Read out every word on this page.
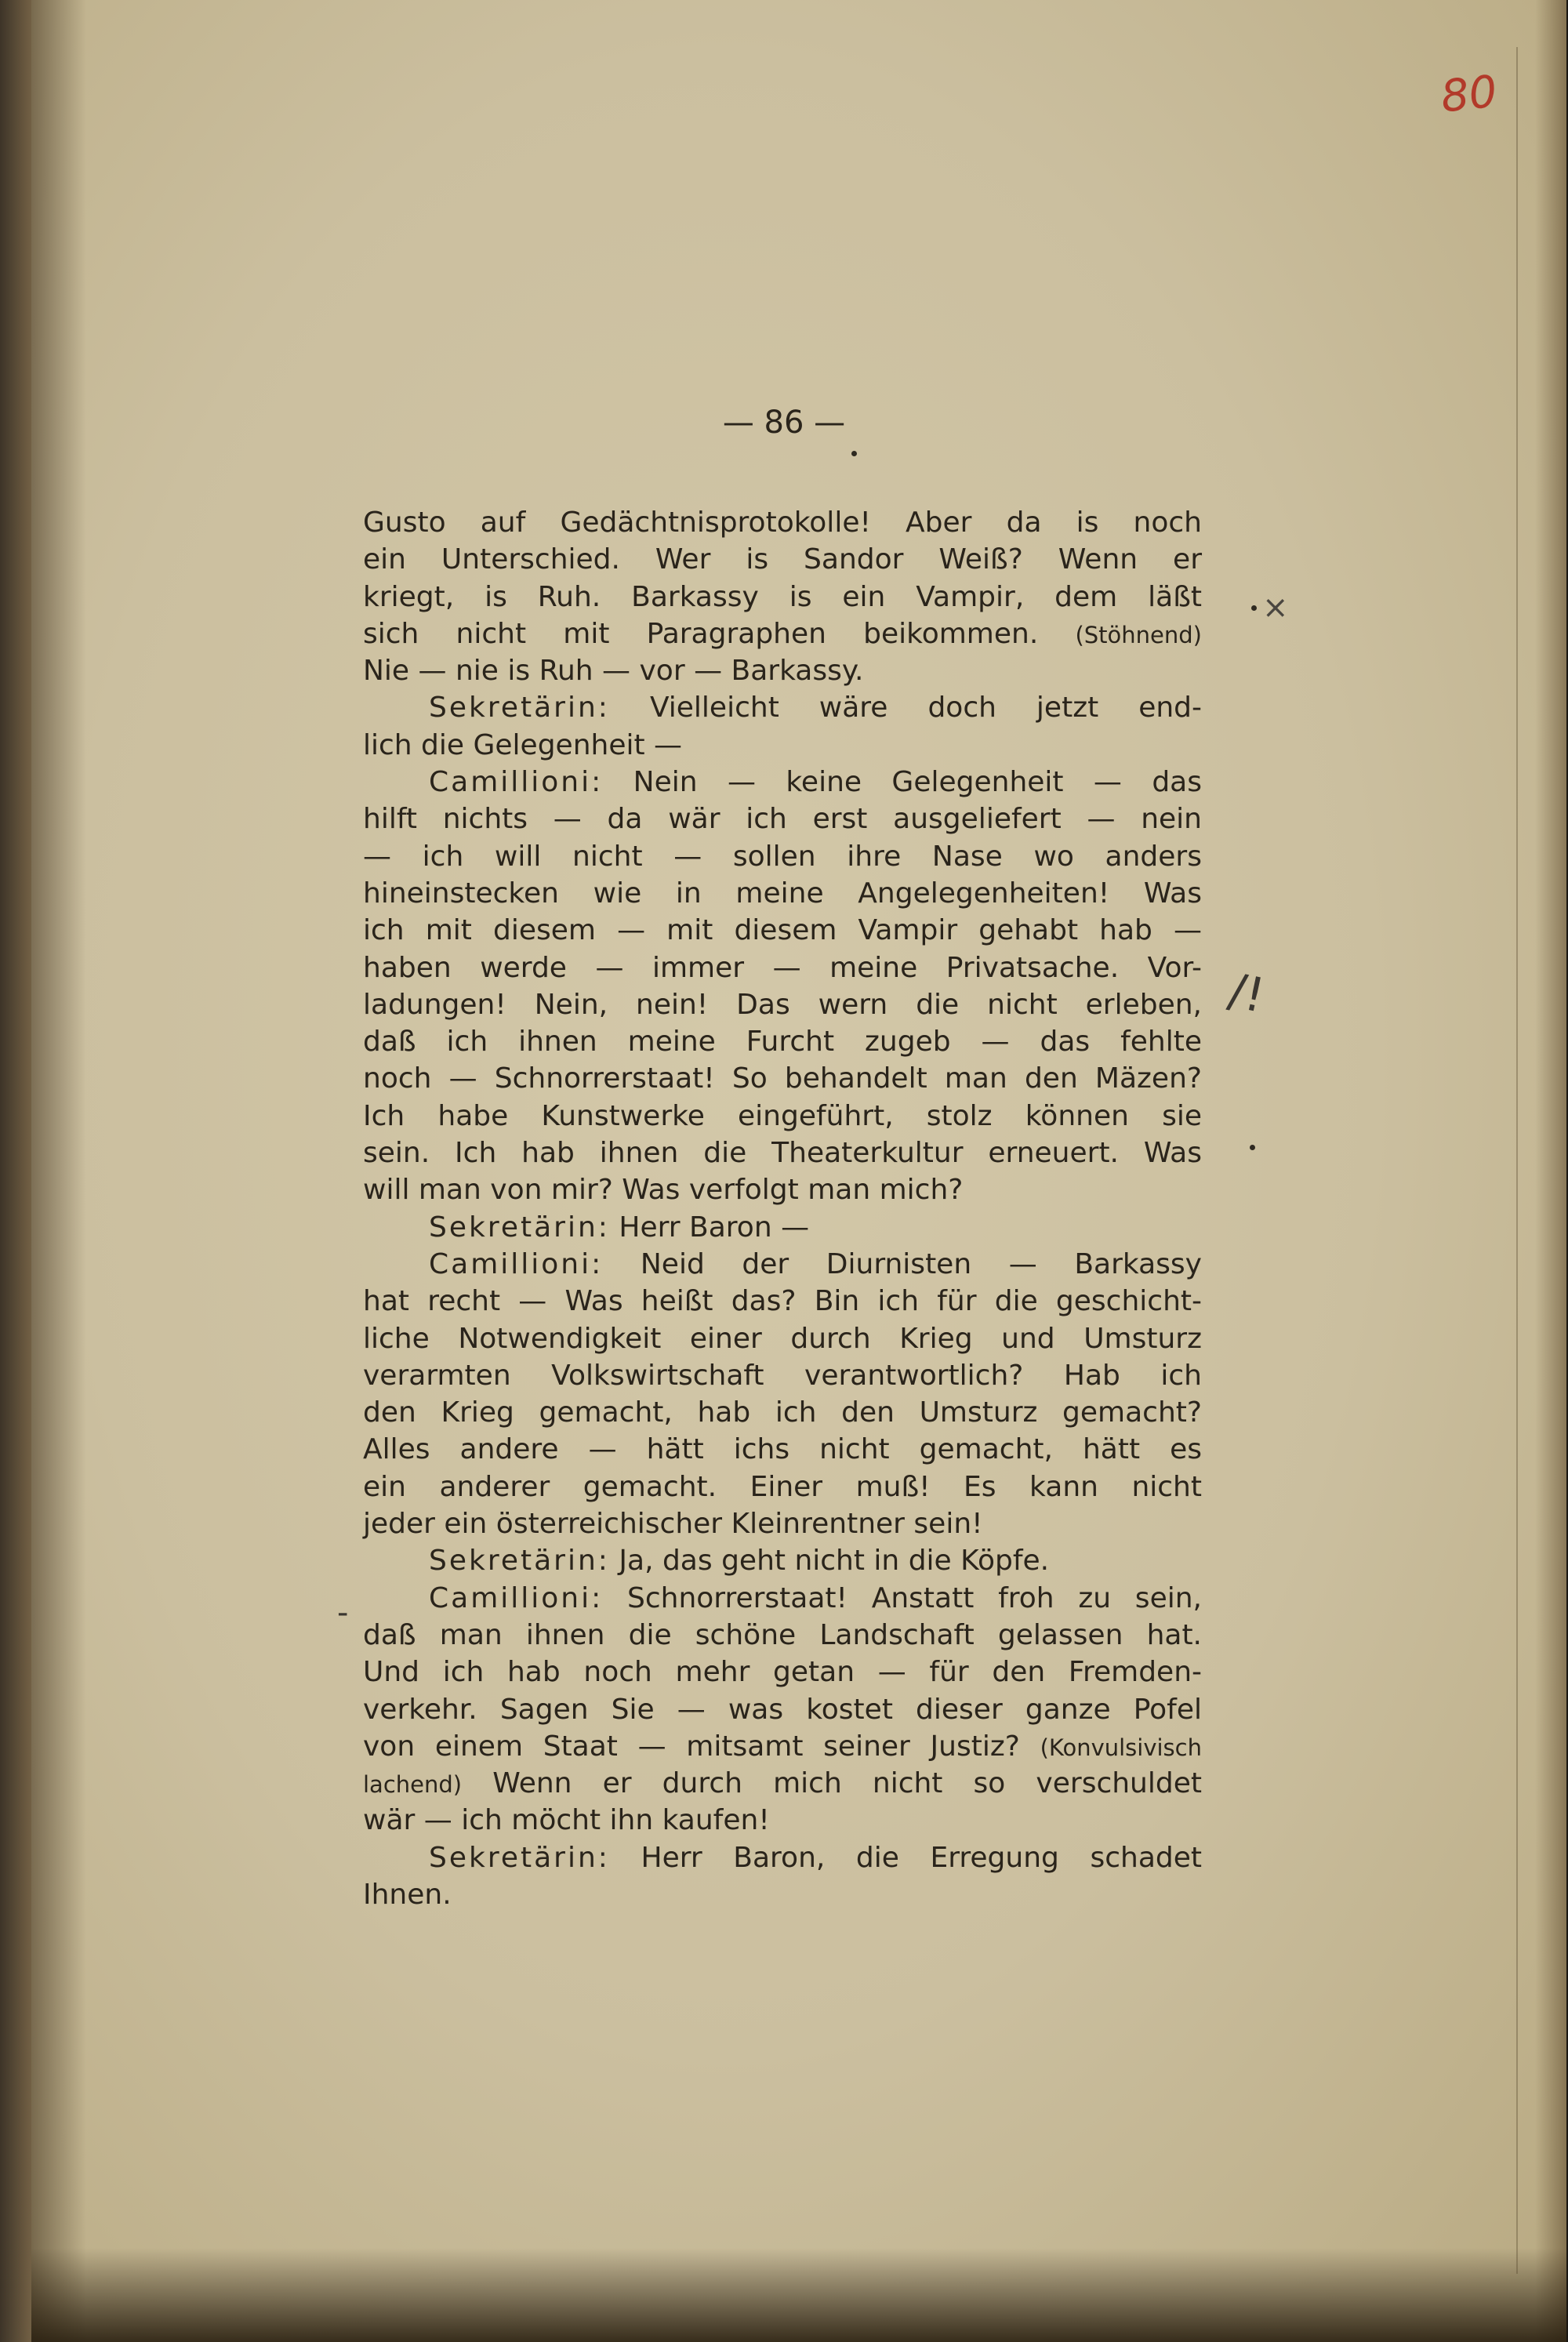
80
— 86 —
Gusto auf Gedächtnisprotokolle! Aber da is noch
ein Unterschied. Wer is Sandor Weiß? Wenn er
kriegt, is Ruh. Barkassy is ein Vampir, dem läßt
sich nicht mit Paragraphen beikommen. (Stöhnend)
Nie — nie is Ruh — vor — Barkassy.
Sekretärin: Vielleicht wäre doch jetzt end-
lich die Gelegenheit —
Camillioni: Nein — keine Gelegenheit — das
hilft nichts — da wär ich erst ausgeliefert — nein
— ich will nicht — sollen ihre Nase wo anders
hineinstecken wie in meine Angelegenheiten! Was
ich mit diesem — mit diesem Vampir gehabt hab —
haben werde — immer — meine Privatsache. Vor-
ladungen! Nein, nein! Das wern die nicht erleben,
daß ich ihnen meine Furcht zugeb — das fehlte
noch — Schnorrerstaat! So behandelt man den Mäzen?
Ich habe Kunstwerke eingeführt, stolz können sie
sein. Ich hab ihnen die Theaterkultur erneuert. Was
will man von mir? Was verfolgt man mich?
Sekretärin: Herr Baron —
Camillioni: Neid der Diurnisten — Barkassy
hat recht — Was heißt das? Bin ich für die geschicht-
liche Notwendigkeit einer durch Krieg und Umsturz
verarmten Volkswirtschaft verantwortlich? Hab ich
den Krieg gemacht, hab ich den Umsturz gemacht?
Alles andere — hätt ichs nicht gemacht, hätt es
ein anderer gemacht. Einer muß! Es kann nicht
jeder ein österreichischer Kleinrentner sein!
Sekretärin: Ja, das geht nicht in die Köpfe.
Camillioni: Schnorrerstaat! Anstatt froh zu sein,
daß man ihnen die schöne Landschaft gelassen hat.
Und ich hab noch mehr getan — für den Fremden-
verkehr. Sagen Sie — was kostet dieser ganze Pofel
von einem Staat — mitsamt seiner Justiz? (Konvulsivisch
lachend) Wenn er durch mich nicht so verschuldet
wär — ich möcht ihn kaufen!
Sekretärin: Herr Baron, die Erregung schadet
Ihnen.
×
/!
-
